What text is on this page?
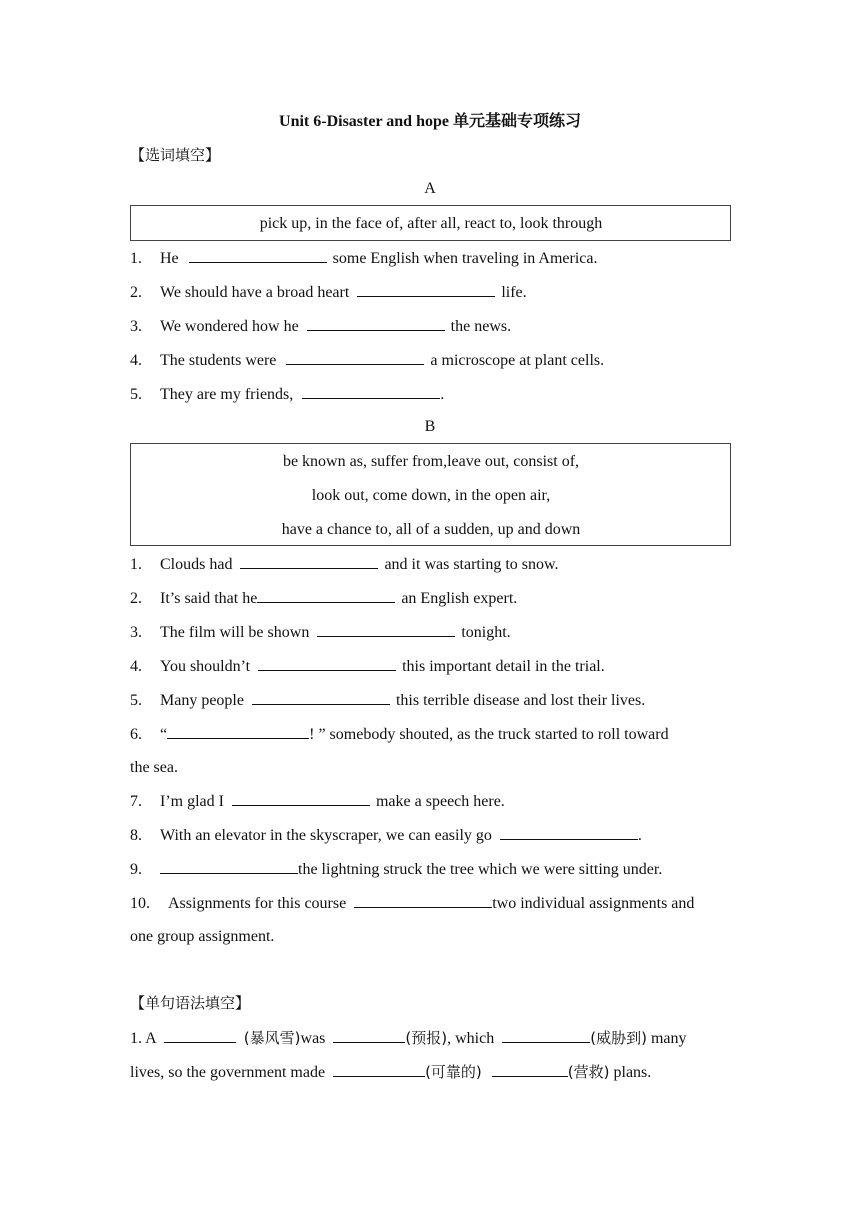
Unit 6-Disaster and hope 单元基础专项练习
【选词填空】
A
pick up, in the face of, after all, react to, look through
1. He	some English when traveling in America.
2. We should have a broad heart	life.
3. We wondered how he	the news.
4. The students were	a microscope at plant cells.
5. They are my friends,	.
B
be known as, suffer from,leave out, consist of,
look out, come down, in the open air,
have a chance to, all of a sudden, up and down
1. Clouds had	and it was starting to snow.
2. It’s said that he	an English expert.
3. The film will be shown	tonight.
4. You shouldn’t	this important detail in the trial.
5. Many people	this terrible disease and lost their lives.
6. “	! ” somebody shouted, as the truck started to roll toward
the sea.
7. I’m glad I	make a speech here.
8. With an elevator in the skyscraper, we can easily go	.
9.	the lightning struck the tree which we were sitting under.
10. Assignments for this course	two individual assignments and
one group assignment.
【单句语法填空】
1. A	(暴风雪)was	(预报), which	(威胁到) many
lives, so the government made	(可靠的)	(营救) plans.
